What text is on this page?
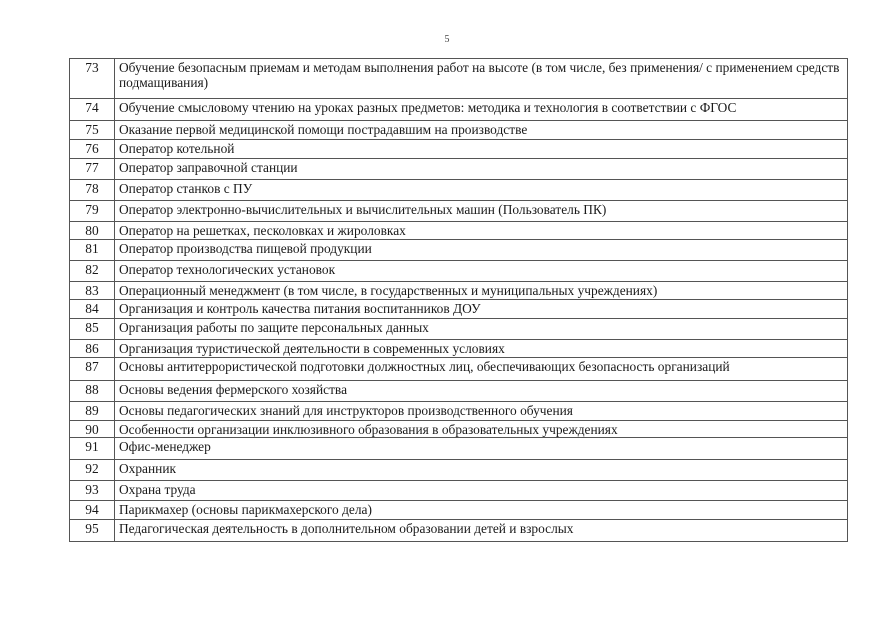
5
73	Обучение безопасным приемам и методам выполнения работ на высоте (в том числе, без применения/ с применением средств подмащивания)
74	Обучение смысловому чтению на уроках разных предметов: методика и технология в соответствии с ФГОС
75	Оказание первой медицинской помощи пострадавшим на производстве
76	Оператор котельной
77	Оператор заправочной станции
78	Оператор станков с ПУ
79	Оператор электронно-вычислительных и вычислительных машин (Пользователь ПК)
80	Оператор на решетках, песколовках и жироловках
81	Оператор производства пищевой продукции
82	Оператор технологических установок
83	Операционный менеджмент (в том числе, в государственных и муниципальных учреждениях)
84	Организация и контроль качества питания воспитанников ДОУ
85	Организация работы по защите персональных данных
86	Организация туристической деятельности в современных условиях
87	Основы антитеррористической подготовки должностных лиц, обеспечивающих безопасность организаций
88	Основы ведения фермерского хозяйства
89	Основы педагогических знаний для инструкторов производственного обучения
90	Особенности организации инклюзивного образования в образовательных учреждениях
91	Офис-менеджер
92	Охранник
93	Охрана труда
94	Парикмахер (основы парикмахерского дела)
95	Педагогическая деятельность в дополнительном образовании детей и взрослых
